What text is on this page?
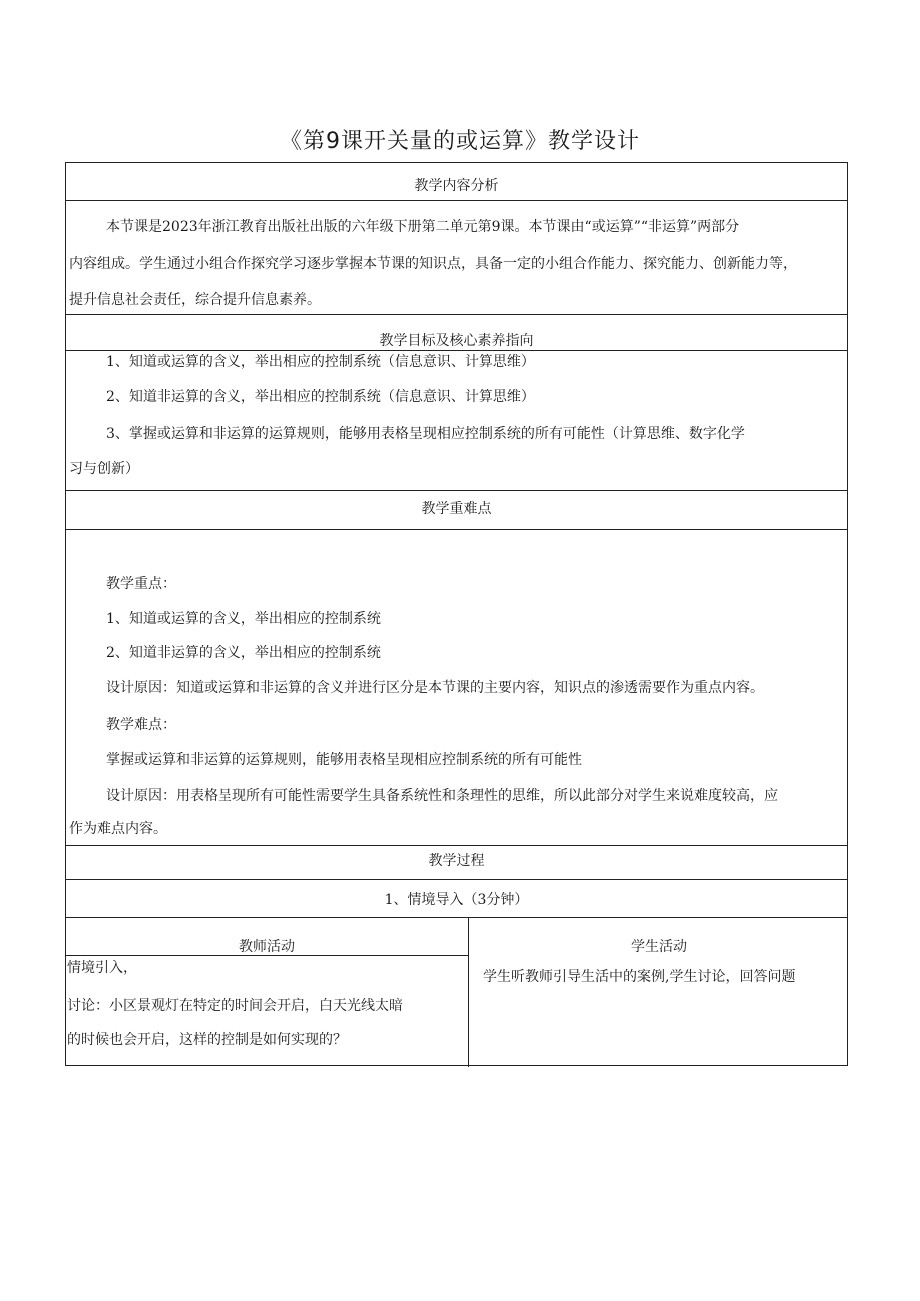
《第9课开关量的或运算》教学设计
教学内容分析
本节课是2023年浙江教育出版社出版的六年级下册第二单元第9课。本节课由“或运算”“非运算”两部分
内容组成。学生通过小组合作探究学习逐步掌握本节课的知识点，具备一定的小组合作能力、探究能力、创新能力等，
提升信息社会责任，综合提升信息素养。
教学目标及核心素养指向
1、知道或运算的含义，举出相应的控制系统（信息意识、计算思维）
2、知道非运算的含义，举出相应的控制系统（信息意识、计算思维）
3、掌握或运算和非运算的运算规则，能够用表格呈现相应控制系统的所有可能性（计算思维、数字化学
习与创新）
教学重难点
教学重点：
1、知道或运算的含义，举出相应的控制系统
2、知道非运算的含义，举出相应的控制系统
设计原因：知道或运算和非运算的含义并进行区分是本节课的主要内容，知识点的渗透需要作为重点内容。
教学难点：
掌握或运算和非运算的运算规则，能够用表格呈现相应控制系统的所有可能性
设计原因：用表格呈现所有可能性需要学生具备系统性和条理性的思维，所以此部分对学生来说难度较高，应
作为难点内容。
教学过程
1、情境导入（3分钟）
教师活动	学生活动
情境引入，
讨论：小区景观灯在特定的时间会开启，白天光线太暗
的时候也会开启，这样的控制是如何实现的？
学生听教师引导生活中的案例,学生讨论，回答问题
